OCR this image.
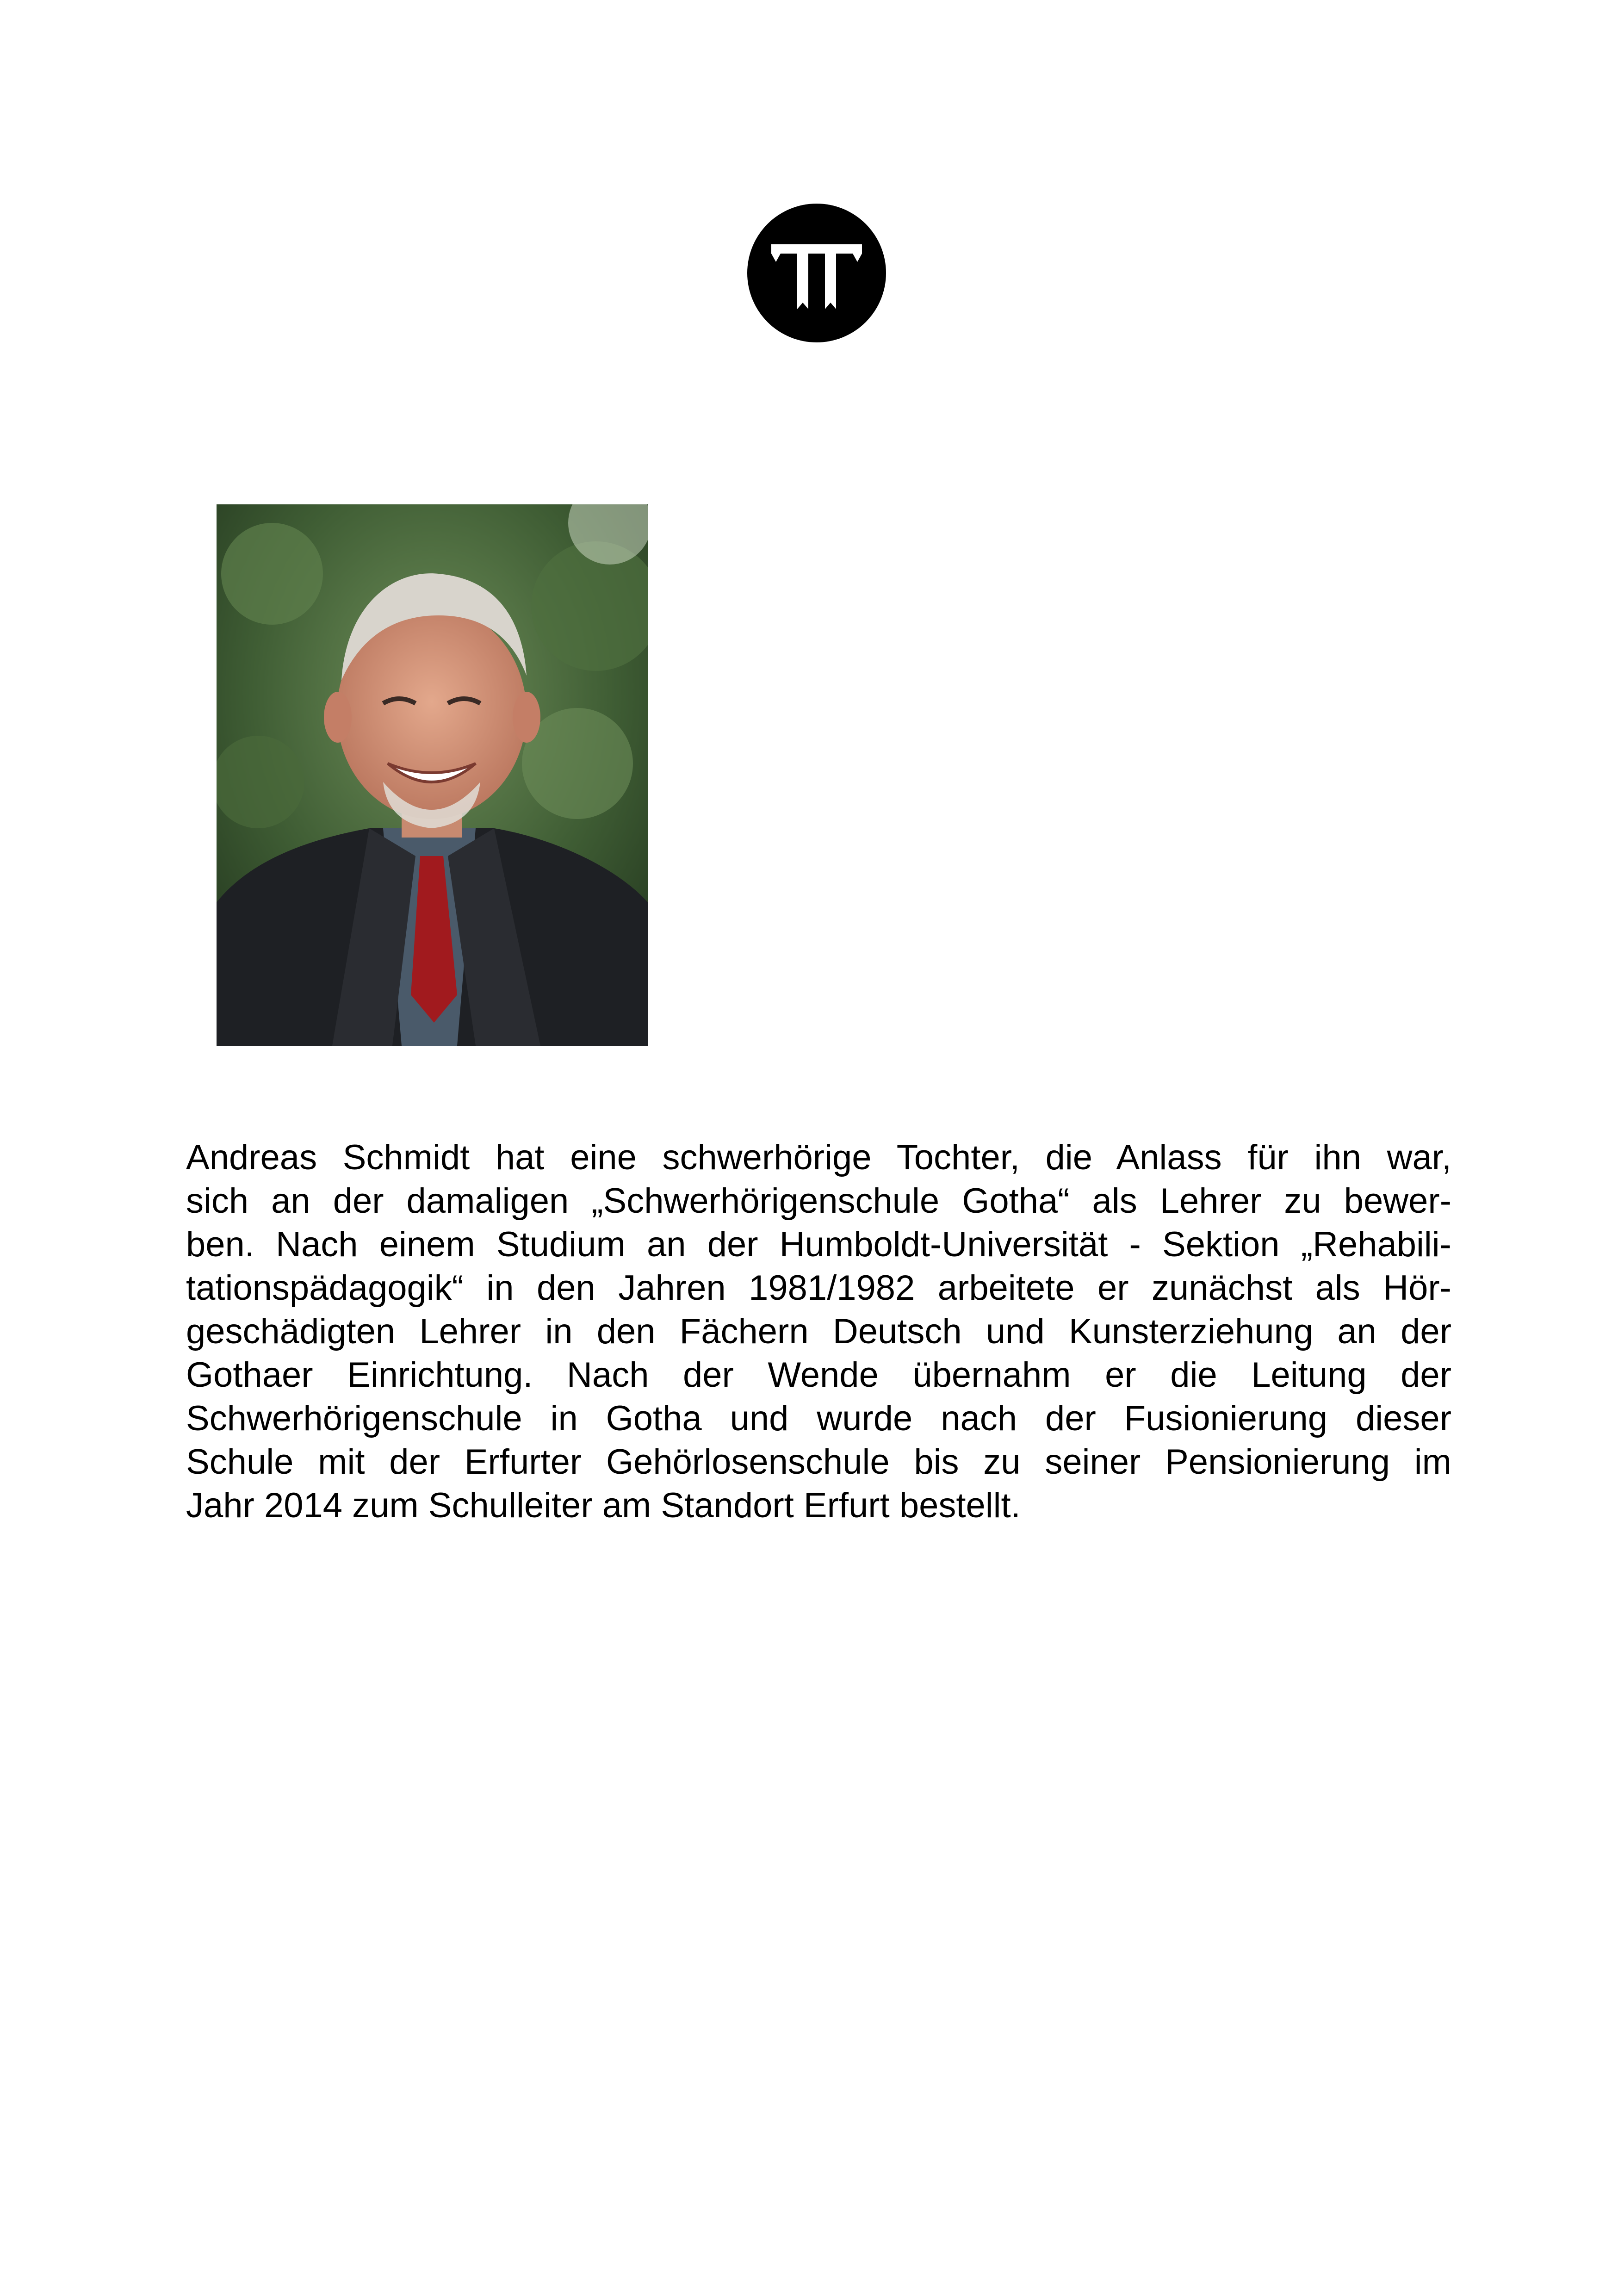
Andreas Schmidt hat eine schwerhörige Tochter, die Anlass für ihn war,
sich an der damaligen „Schwerhörigenschule Gotha“ als Lehrer zu bewer-
ben. Nach einem Studium an der Humboldt-Universität - Sektion „Rehabili-
tationspädagogik“ in den Jahren 1981/1982 arbeitete er zunächst als Hör-
geschädigten Lehrer in den Fächern Deutsch und Kunsterziehung an der
Gothaer Einrichtung. Nach der Wende übernahm er die Leitung der
Schwerhörigenschule in Gotha und wurde nach der Fusionierung dieser
Schule mit der Erfurter Gehörlosenschule bis zu seiner Pensionierung im
Jahr 2014 zum Schulleiter am Standort Erfurt bestellt.
